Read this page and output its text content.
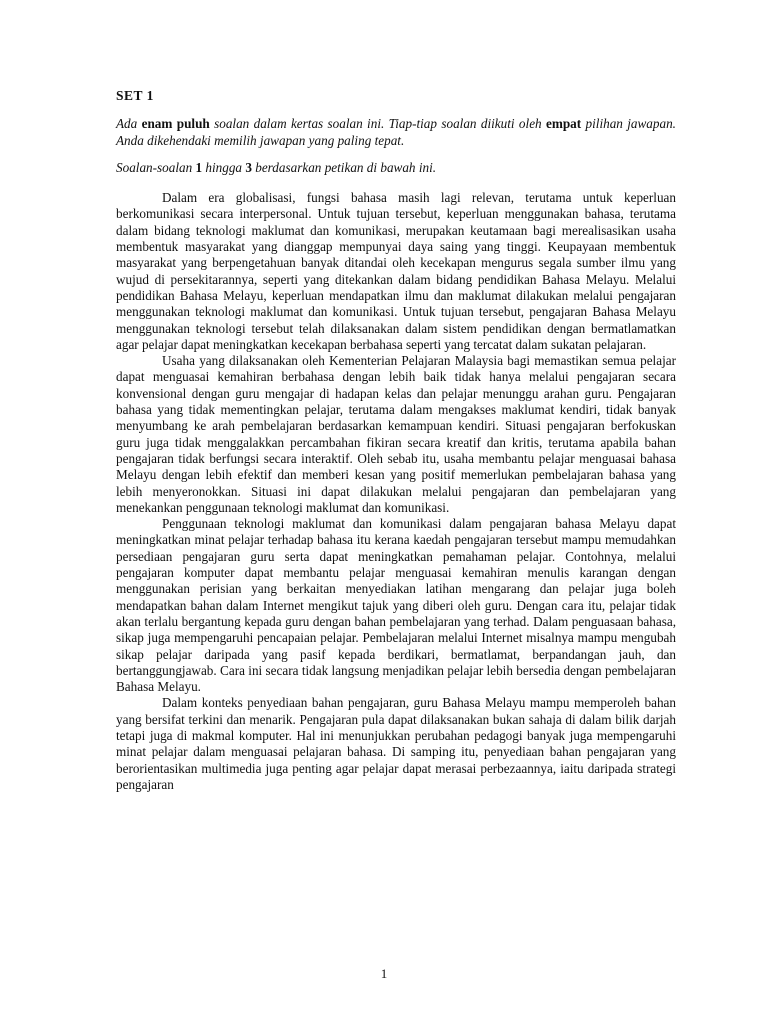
SET 1

Ada enam puluh soalan dalam kertas soalan ini. Tiap-tiap soalan diikuti oleh empat pilihan jawapan. Anda dikehendaki memilih jawapan yang paling tepat.

Soalan-soalan 1 hingga 3 berdasarkan petikan di bawah ini.

Dalam era globalisasi, fungsi bahasa masih lagi relevan, terutama untuk keperluan berkomunikasi secara interpersonal. Untuk tujuan tersebut, keperluan menggunakan bahasa, terutama dalam bidang teknologi maklumat dan komunikasi, merupakan keutamaan bagi merealisasikan usaha membentuk masyarakat yang dianggap mempunyai daya saing yang tinggi. Keupayaan membentuk masyarakat yang berpengetahuan banyak ditandai oleh kecekapan mengurus segala sumber ilmu yang wujud di persekitarannya, seperti yang ditekankan dalam bidang pendidikan Bahasa Melayu. Melalui pendidikan Bahasa Melayu, keperluan mendapatkan ilmu dan maklumat dilakukan melalui pengajaran menggunakan teknologi maklumat dan komunikasi. Untuk tujuan tersebut, pengajaran Bahasa Melayu menggunakan teknologi tersebut telah dilaksanakan dalam sistem pendidikan dengan bermatlamatkan agar pelajar dapat meningkatkan kecekapan berbahasa seperti yang tercatat dalam sukatan pelajaran.

Usaha yang dilaksanakan oleh Kementerian Pelajaran Malaysia bagi memastikan semua pelajar dapat menguasai kemahiran berbahasa dengan lebih baik tidak hanya melalui pengajaran secara konvensional dengan guru mengajar di hadapan kelas dan pelajar menunggu arahan guru. Pengajaran bahasa yang tidak mementingkan pelajar, terutama dalam mengakses maklumat kendiri, tidak banyak menyumbang ke arah pembelajaran berdasarkan kemampuan kendiri. Situasi pengajaran berfokuskan guru juga tidak menggalakkan percambahan fikiran secara kreatif dan kritis, terutama apabila bahan pengajaran tidak berfungsi secara interaktif. Oleh sebab itu, usaha membantu pelajar menguasai bahasa Melayu dengan lebih efektif dan memberi kesan yang positif memerlukan pembelajaran bahasa yang lebih menyeronokkan. Situasi ini dapat dilakukan melalui pengajaran dan pembelajaran yang menekankan penggunaan teknologi maklumat dan komunikasi.

Penggunaan teknologi maklumat dan komunikasi dalam pengajaran bahasa Melayu dapat meningkatkan minat pelajar terhadap bahasa itu kerana kaedah pengajaran tersebut mampu memudahkan persediaan pengajaran guru serta dapat meningkatkan pemahaman pelajar. Contohnya, melalui pengajaran komputer dapat membantu pelajar menguasai kemahiran menulis karangan dengan menggunakan perisian yang berkaitan menyediakan latihan mengarang dan pelajar juga boleh mendapatkan bahan dalam Internet mengikut tajuk yang diberi oleh guru. Dengan cara itu, pelajar tidak akan terlalu bergantung kepada guru dengan bahan pembelajaran yang terhad. Dalam penguasaan bahasa, sikap juga mempengaruhi pencapaian pelajar. Pembelajaran melalui Internet misalnya mampu mengubah sikap pelajar daripada yang pasif kepada berdikari, bermatlamat, berpandangan jauh, dan bertanggungjawab. Cara ini secara tidak langsung menjadikan pelajar lebih bersedia dengan pembelajaran Bahasa Melayu.

Dalam konteks penyediaan bahan pengajaran, guru Bahasa Melayu mampu memperoleh bahan yang bersifat terkini dan menarik. Pengajaran pula dapat dilaksanakan bukan sahaja di dalam bilik darjah tetapi juga di makmal komputer. Hal ini menunjukkan perubahan pedagogi banyak juga mempengaruhi minat pelajar dalam menguasai pelajaran bahasa. Di samping itu, penyediaan bahan pengajaran yang berorientasikan multimedia juga penting agar pelajar dapat merasai perbezaannya, iaitu daripada strategi pengajaran

1
